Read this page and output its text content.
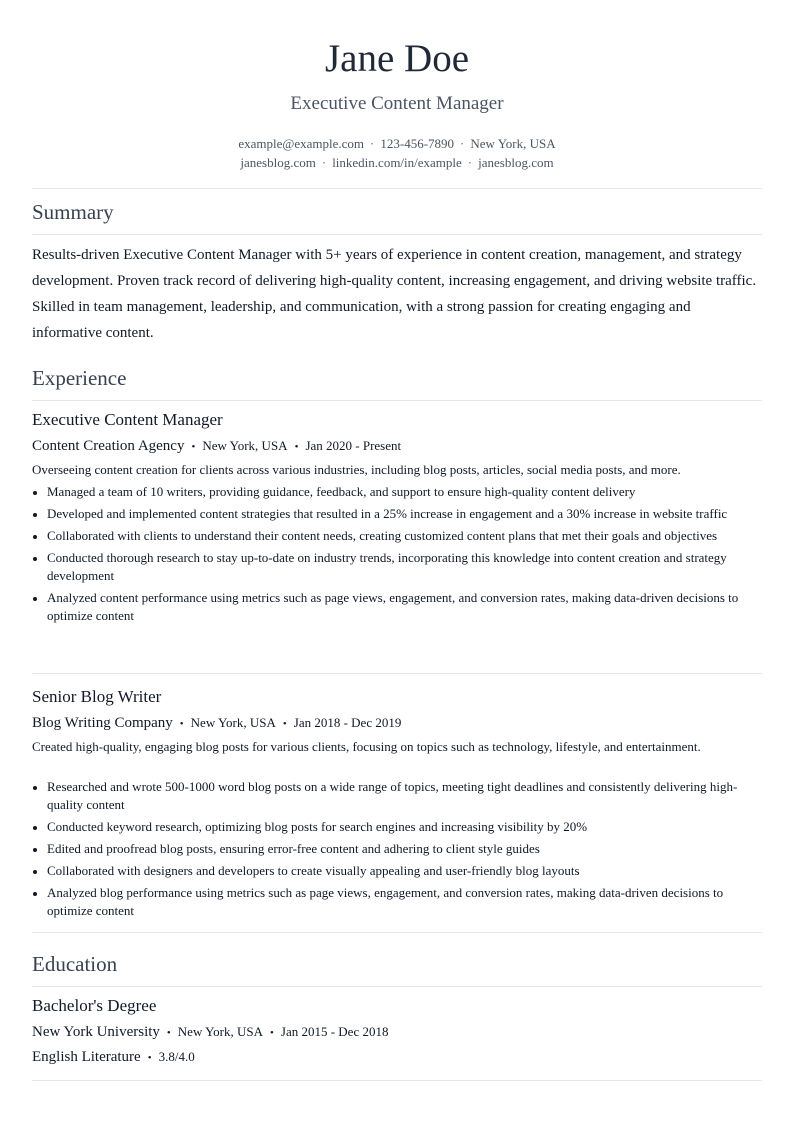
Jane Doe
Executive Content Manager
example@example.com · 123-456-7890 · New York, USA
janesblog.com · linkedin.com/in/example · janesblog.com
Summary
Results-driven Executive Content Manager with 5+ years of experience in content creation, management, and strategy development. Proven track record of delivering high-quality content, increasing engagement, and driving website traffic. Skilled in team management, leadership, and communication, with a strong passion for creating engaging and informative content.
Experience
Executive Content Manager
Content Creation Agency • New York, USA • Jan 2020 - Present
Overseeing content creation for clients across various industries, including blog posts, articles, social media posts, and more.
Managed a team of 10 writers, providing guidance, feedback, and support to ensure high-quality content delivery
Developed and implemented content strategies that resulted in a 25% increase in engagement and a 30% increase in website traffic
Collaborated with clients to understand their content needs, creating customized content plans that met their goals and objectives
Conducted thorough research to stay up-to-date on industry trends, incorporating this knowledge into content creation and strategy development
Analyzed content performance using metrics such as page views, engagement, and conversion rates, making data-driven decisions to optimize content
Senior Blog Writer
Blog Writing Company • New York, USA • Jan 2018 - Dec 2019
Created high-quality, engaging blog posts for various clients, focusing on topics such as technology, lifestyle, and entertainment.
Researched and wrote 500-1000 word blog posts on a wide range of topics, meeting tight deadlines and consistently delivering high-quality content
Conducted keyword research, optimizing blog posts for search engines and increasing visibility by 20%
Edited and proofread blog posts, ensuring error-free content and adhering to client style guides
Collaborated with designers and developers to create visually appealing and user-friendly blog layouts
Analyzed blog performance using metrics such as page views, engagement, and conversion rates, making data-driven decisions to optimize content
Education
Bachelor's Degree
New York University • New York, USA • Jan 2015 - Dec 2018
English Literature • 3.8/4.0
